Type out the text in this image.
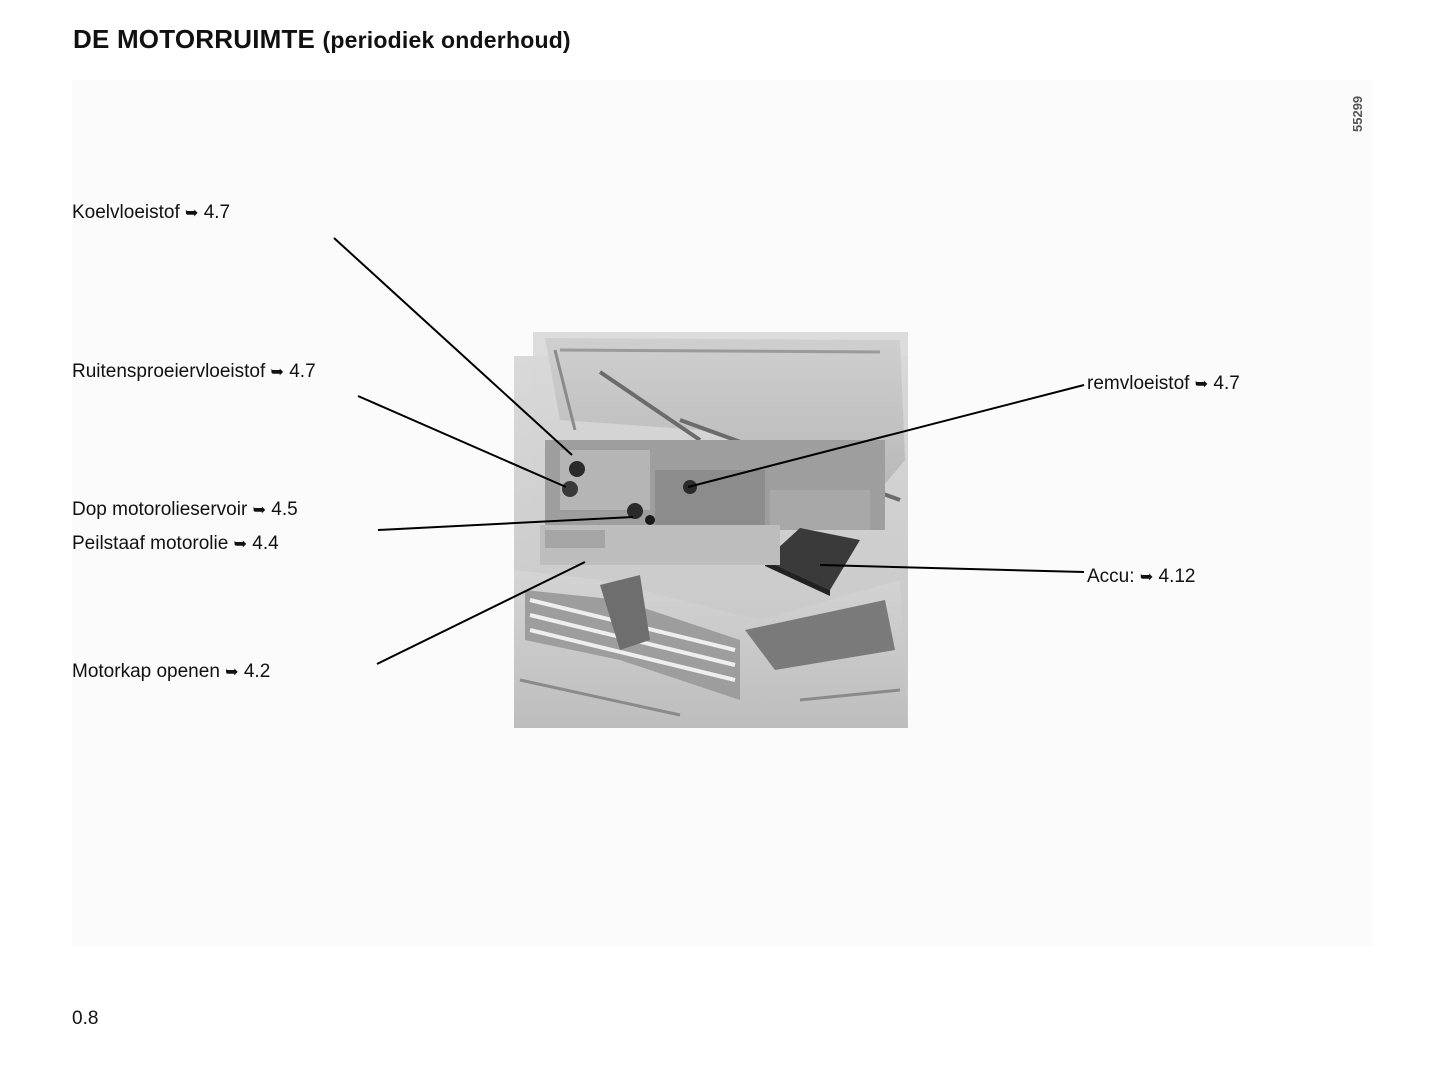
DE MOTORRUIMTE (periodiek onderhoud)
55299
Koelvloeistof ➥ 4.7
Ruitensproeiervloeistof ➥ 4.7
Dop motorolieservoir ➥ 4.5
Peilstaaf motorolie ➥ 4.4
Motorkap openen ➥ 4.2
remvloeistof ➥ 4.7
Accu: ➥ 4.12
0.8
